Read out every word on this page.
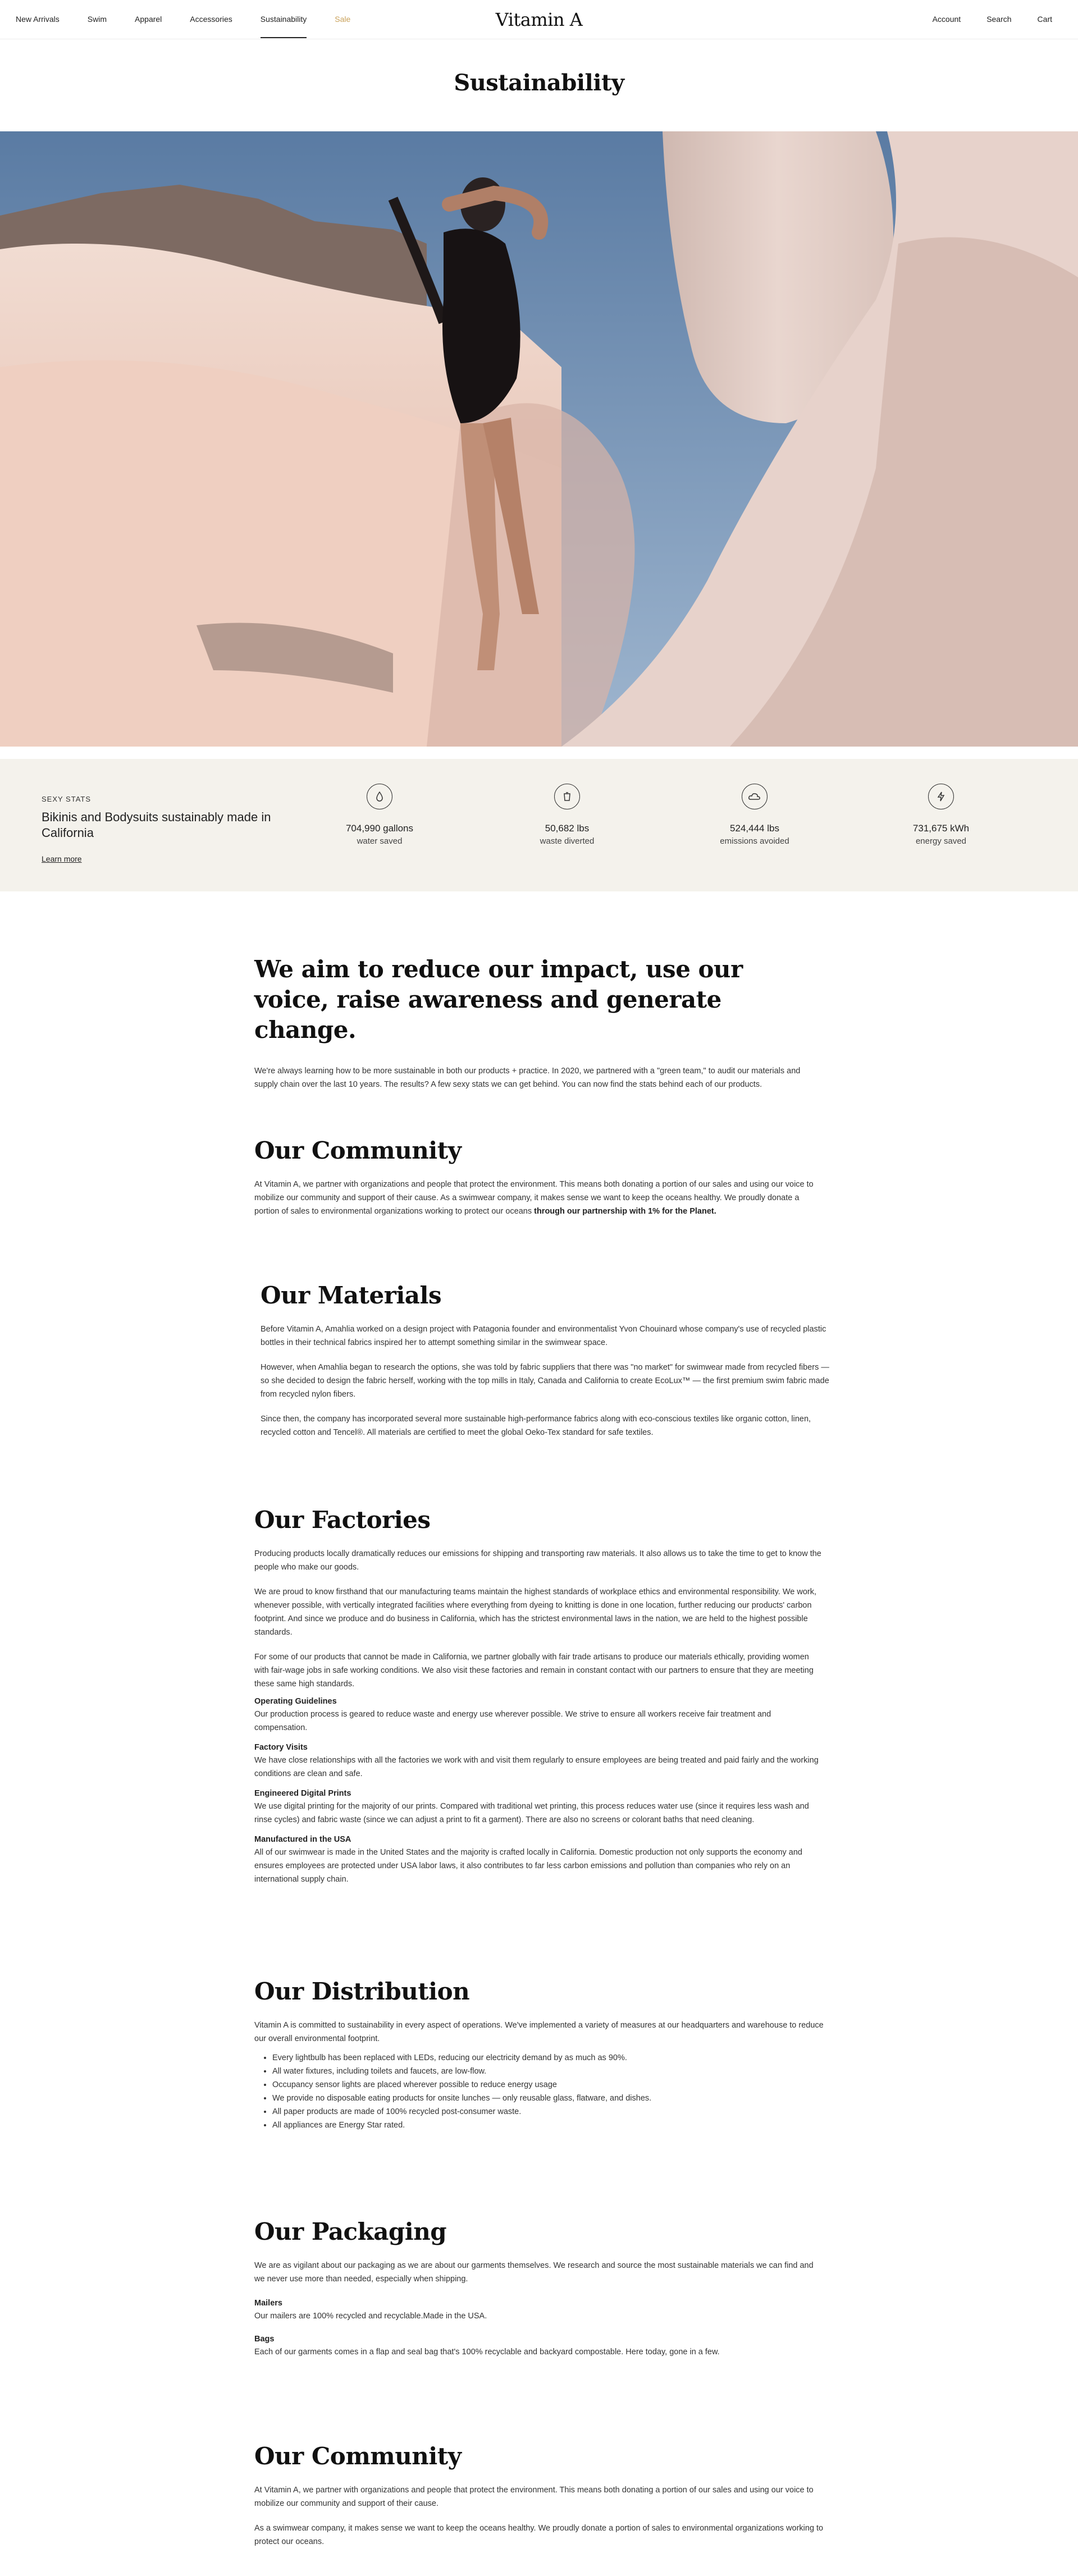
New Arrivals	Swim	Apparel	Accessories	Sustainability	Sale	Vitamin A	Account	Search	Cart
Sustainability
SEXY STATS
Bikinis and Bodysuits sustainably made in California
Learn more
704,990 gallons
water saved
50,682 lbs
waste diverted
524,444 lbs
emissions avoided
731,675 kWh
energy saved
We aim to reduce our impact, use our voice, raise awareness and generate change.

We're always learning how to be more sustainable in both our products + practice. In 2020, we partnered with a "green team," to audit our materials and supply chain over the last 10 years. The results? A few sexy stats we can get behind. You can now find the stats behind each of our products.

Our Community

At Vitamin A, we partner with organizations and people that protect the environment. This means both donating a portion of our sales and using our voice to mobilize our community and support of their cause. As a swimwear company, it makes sense we want to keep the oceans healthy. We proudly donate a portion of sales to environmental organizations working to protect our oceans through our partnership with 1% for the Planet.

Our Materials

Before Vitamin A, Amahlia worked on a design project with Patagonia founder and environmentalist Yvon Chouinard whose company's use of recycled plastic bottles in their technical fabrics inspired her to attempt something similar in the swimwear space.

However, when Amahlia began to research the options, she was told by fabric suppliers that there was "no market" for swimwear made from recycled fibers — so she decided to design the fabric herself, working with the top mills in Italy, Canada and California to create EcoLux™ — the first premium swim fabric made from recycled nylon fibers.

Since then, the company has incorporated several more sustainable high-performance fabrics along with eco-conscious textiles like organic cotton, linen, recycled cotton and Tencel®. All materials are certified to meet the global Oeko-Tex standard for safe textiles.

Our Factories

Producing products locally dramatically reduces our emissions for shipping and transporting raw materials. It also allows us to take the time to get to know the people who make our goods.

We are proud to know firsthand that our manufacturing teams maintain the highest standards of workplace ethics and environmental responsibility. We work, whenever possible, with vertically integrated facilities where everything from dyeing to knitting is done in one location, further reducing our products' carbon footprint. And since we produce and do business in California, which has the strictest environmental laws in the nation, we are held to the highest possible standards.

For some of our products that cannot be made in California, we partner globally with fair trade artisans to produce our materials ethically, providing women with fair-wage jobs in safe working conditions. We also visit these factories and remain in constant contact with our partners to ensure that they are meeting these same high standards.

Operating Guidelines

Our production process is geared to reduce waste and energy use wherever possible. We strive to ensure all workers receive fair treatment and compensation.

Factory Visits

We have close relationships with all the factories we work with and visit them regularly to ensure employees are being treated and paid fairly and the working conditions are clean and safe.

Engineered Digital Prints

We use digital printing for the majority of our prints. Compared with traditional wet printing, this process reduces water use (since it requires less wash and rinse cycles) and fabric waste (since we can adjust a print to fit a garment). There are also no screens or colorant baths that need cleaning.

Manufactured in the USA

All of our swimwear is made in the United States and the majority is crafted locally in California. Domestic production not only supports the economy and ensures employees are protected under USA labor laws, it also contributes to far less carbon emissions and pollution than companies who rely on an international supply chain.

Our Distribution

Vitamin A is committed to sustainability in every aspect of operations. We've implemented a variety of measures at our headquarters and warehouse to reduce our overall environmental footprint.

• Every lightbulb has been replaced with LEDs, reducing our electricity demand by as much as 90%.
• All water fixtures, including toilets and faucets, are low-flow.
• Occupancy sensor lights are placed wherever possible to reduce energy usage
• We provide no disposable eating products for onsite lunches — only reusable glass, flatware, and dishes.
• All paper products are made of 100% recycled post-consumer waste.
• All appliances are Energy Star rated.
Our Packaging

We are as vigilant about our packaging as we are about our garments themselves. We research and source the most sustainable materials we can find and we never use more than needed, especially when shipping.

Mailers

Our mailers are 100% recycled and recyclable.Made in the USA.

Bags

Each of our garments comes in a flap and seal bag that's 100% recyclable and backyard compostable. Here today, gone in a few.

Our Community

At Vitamin A, we partner with organizations and people that protect the environment. This means both donating a portion of our sales and using our voice to mobilize our community and support of their cause.

As a swimwear company, it makes sense we want to keep the oceans healthy. We proudly donate a portion of sales to environmental organizations working to protect our oceans.
